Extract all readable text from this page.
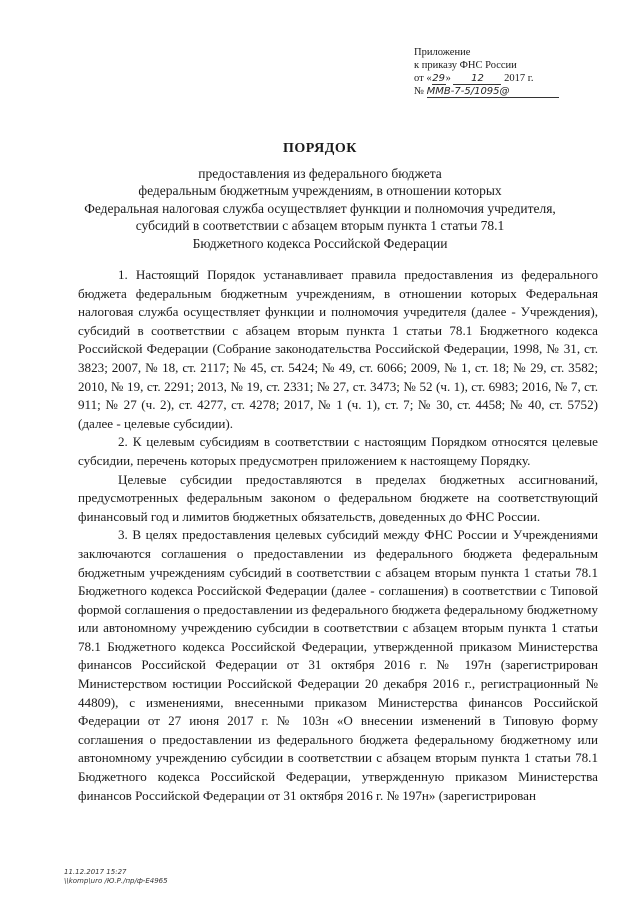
Приложение
к приказу ФНС России
от «29» 12 2017 г.
№ ММВ-7-5/1095@
ПОРЯДОК
предоставления из федерального бюджета
федеральным бюджетным учреждениям, в отношении которых
Федеральная налоговая служба осуществляет функции и полномочия учредителя,
субсидий в соответствии с абзацем вторым пункта 1 статьи 78.1
Бюджетного кодекса Российской Федерации

1. Настоящий Порядок устанавливает правила предоставления из федерального бюджета федеральным бюджетным учреждениям, в отношении которых Федеральная налоговая служба осуществляет функции и полномочия учредителя (далее - Учреждения), субсидий в соответствии с абзацем вторым пункта 1 статьи 78.1 Бюджетного кодекса Российской Федерации (Собрание законодательства Российской Федерации, 1998, № 31, ст. 3823; 2007, № 18, ст. 2117; № 45, ст. 5424; № 49, ст. 6066; 2009, № 1, ст. 18; № 29, ст. 3582; 2010, № 19, ст. 2291; 2013, № 19, ст. 2331; № 27, ст. 3473; № 52 (ч. 1), ст. 6983; 2016, № 7, ст. 911; № 27 (ч. 2), ст. 4277, ст. 4278; 2017, № 1 (ч. 1), ст. 7; № 30, ст. 4458; № 40, ст. 5752) (далее - целевые субсидии).

2. К целевым субсидиям в соответствии с настоящим Порядком относятся целевые субсидии, перечень которых предусмотрен приложением к настоящему Порядку.

Целевые субсидии предоставляются в пределах бюджетных ассигнований, предусмотренных федеральным законом о федеральном бюджете на соответствующий финансовый год и лимитов бюджетных обязательств, доведенных до ФНС России.

3. В целях предоставления целевых субсидий между ФНС России и Учреждениями заключаются соглашения о предоставлении из федерального бюджета федеральным бюджетным учреждениям субсидий в соответствии с абзацем вторым пункта 1 статьи 78.1 Бюджетного кодекса Российской Федерации (далее - соглашения) в соответствии с Типовой формой соглашения о предоставлении из федерального бюджета федеральному бюджетному или автономному учреждению субсидии в соответствии с абзацем вторым пункта 1 статьи 78.1 Бюджетного кодекса Российской Федерации, утвержденной приказом Министерства финансов Российской Федерации от 31 октября 2016 г. № 197н (зарегистрирован Министерством юстиции Российской Федерации 20 декабря 2016 г., регистрационный № 44809), с изменениями, внесенными приказом Министерства финансов Российской Федерации от 27 июня 2017 г. № 103н «О внесении изменений в Типовую форму соглашения о предоставлении из федерального бюджета федеральному бюджетному или автономному учреждению субсидии в соответствии с абзацем вторым пункта 1 статьи 78.1 Бюджетного кодекса Российской Федерации, утвержденную приказом Министерства финансов Российской Федерации от 31 октября 2016 г. № 197н» (зарегистрирован

11.12.2017 15:27
\\komp\uro /Ю.Р./пр/ф-Е4965
